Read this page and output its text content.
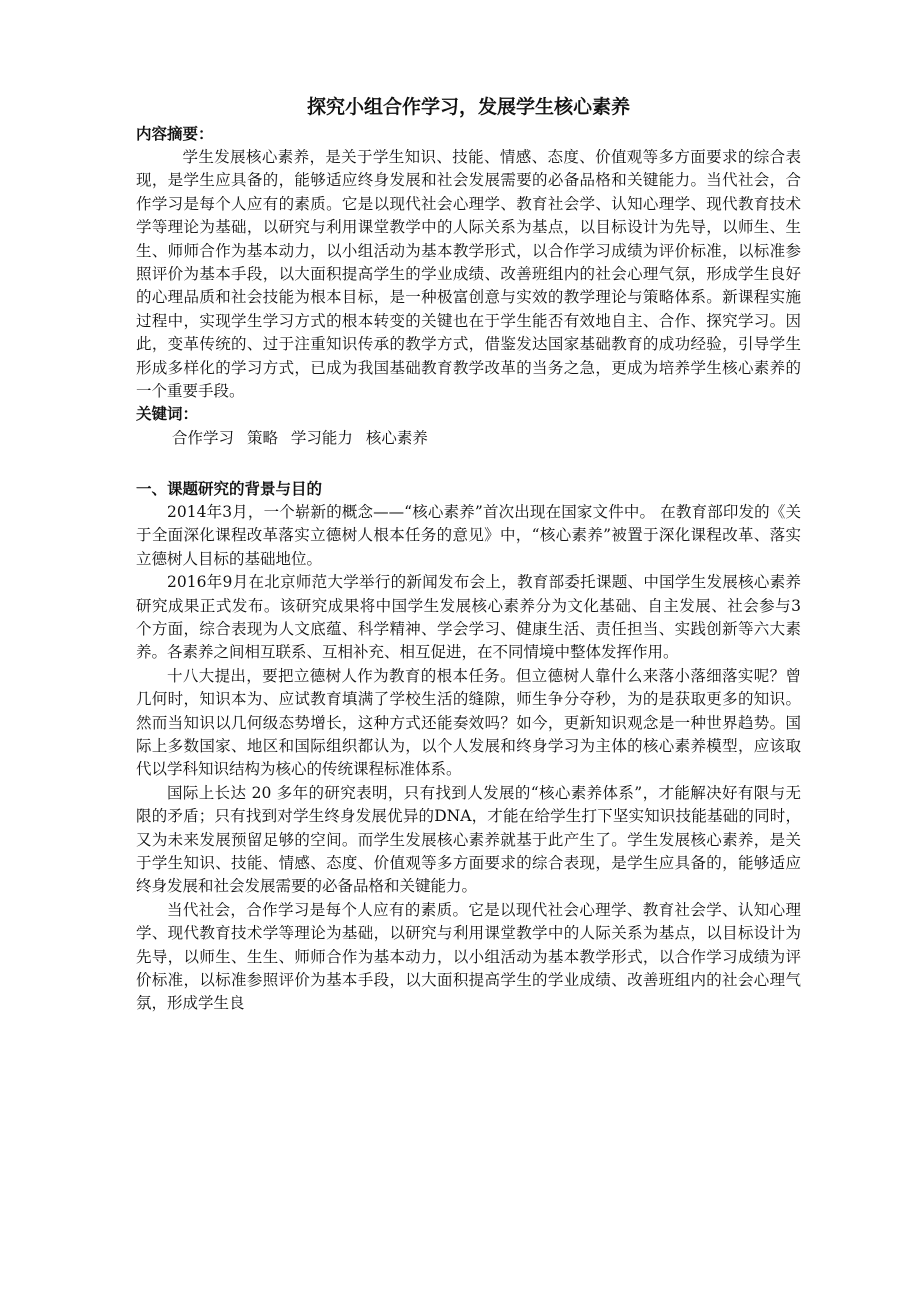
探究小组合作学习，发展学生核心素养
内容摘要：

学生发展核心素养，是关于学生知识、技能、情感、态度、价值观等多方面要求的综合表现，是学生应具备的，能够适应终身发展和社会发展需要的必备品格和关键能力。当代社会，合作学习是每个人应有的素质。它是以现代社会心理学、教育社会学、认知心理学、现代教育技术学等理论为基础，以研究与利用课堂教学中的人际关系为基点，以目标设计为先导，以师生、生生、师师合作为基本动力，以小组活动为基本教学形式，以合作学习成绩为评价标准，以标准参照评价为基本手段，以大面积提高学生的学业成绩、改善班组内的社会心理气氛，形成学生良好的心理品质和社会技能为根本目标，是一种极富创意与实效的教学理论与策略体系。新课程实施过程中，实现学生学习方式的根本转变的关键也在于学生能否有效地自主、合作、探究学习。因此，变革传统的、过于注重知识传承的教学方式，借鉴发达国家基础教育的成功经验，引导学生形成多样化的学习方式，已成为我国基础教育教学改革的当务之急，更成为培养学生核心素养的一个重要手段。

关键词：
合作学习 策略 学习能力 核心素养
一、课题研究的背景与目的

2014年3月，一个崭新的概念——“核心素养”首次出现在国家文件中。 在教育部印发的《关于全面深化课程改革落实立德树人根本任务的意见》中，“核心素养”被置于深化课程改革、落实立德树人目标的基础地位。

2016年9月在北京师范大学举行的新闻发布会上，教育部委托课题、中国学生发展核心素养研究成果正式发布。该研究成果将中国学生发展核心素养分为文化基础、自主发展、社会参与3 个方面，综合表现为人文底蕴、科学精神、学会学习、健康生活、责任担当、实践创新等六大素养。各素养之间相互联系、互相补充、相互促进，在不同情境中整体发挥作用。

十八大提出，要把立德树人作为教育的根本任务。但立德树人靠什么来落小落细落实呢？曾几何时，知识本为、应试教育填满了学校生活的缝隙，师生争分夺秒，为的是获取更多的知识。然而当知识以几何级态势增长，这种方式还能奏效吗？如今，更新知识观念是一种世界趋势。国际上多数国家、地区和国际组织都认为，以个人发展和终身学习为主体的核心素养模型，应该取代以学科知识结构为核心的传统课程标准体系。

国际上长达 20 多年的研究表明，只有找到人发展的“核心素养体系”，才能解决好有限与无限的矛盾；只有找到对学生终身发展优异的DNA，才能在给学生打下坚实知识技能基础的同时，又为未来发展预留足够的空间。而学生发展核心素养就基于此产生了。学生发展核心素养，是关于学生知识、技能、情感、态度、价值观等多方面要求的综合表现，是学生应具备的，能够适应终身发展和社会发展需要的必备品格和关键能力。

当代社会，合作学习是每个人应有的素质。它是以现代社会心理学、教育社会学、认知心理学、现代教育技术学等理论为基础，以研究与利用课堂教学中的人际关系为基点，以目标设计为先导，以师生、生生、师师合作为基本动力，以小组活动为基本教学形式，以合作学习成绩为评价标准，以标准参照评价为基本手段，以大面积提高学生的学业成绩、改善班组内的社会心理气氛，形成学生良
